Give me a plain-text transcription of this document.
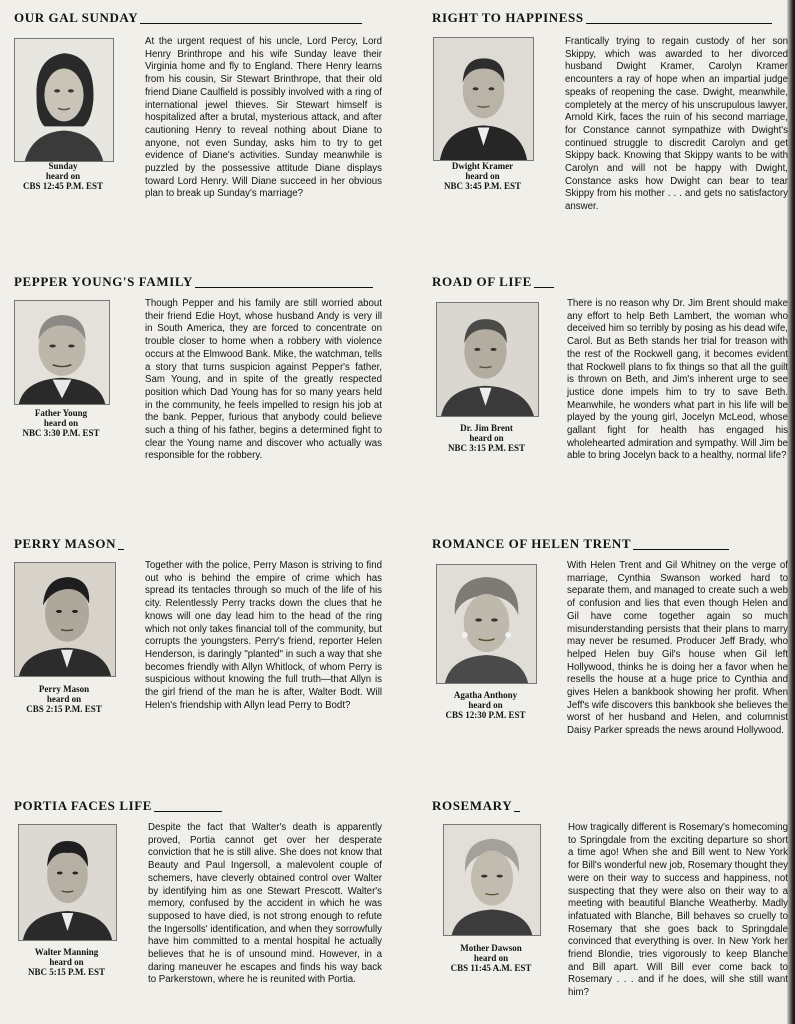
OUR GAL SUNDAY
Sunday
heard on
CBS 12:45 P.M. EST

At the urgent request of his uncle, Lord Percy, Lord Henry Brinthrope and his wife Sunday leave their Virginia home and fly to England. There Henry learns from his cousin, Sir Stewart Brinthrope, that their old friend Diane Caulfield is possibly involved with a ring of international jewel thieves. Sir Stewart himself is hospitalized after a brutal, mysterious attack, and after cautioning Henry to reveal nothing about Diane to anyone, not even Sunday, asks him to try to get evidence of Diane's activities. Sunday meanwhile is puzzled by the possessive attitude Diane displays toward Lord Henry. Will Diane succeed in her obvious plan to break up Sunday's marriage?

RIGHT TO HAPPINESS
Dwight Kramer
heard on
NBC 3:45 P.M. EST

Frantically trying to regain custody of her son Skippy, which was awarded to her divorced husband Dwight Kramer, Carolyn Kramer encounters a ray of hope when an impartial judge speaks of reopening the case. Dwight, meanwhile, completely at the mercy of his unscrupulous lawyer, Arnold Kirk, faces the ruin of his second marriage, for Constance cannot sympathize with Dwight's continued struggle to discredit Carolyn and get Skippy back. Knowing that Skippy wants to be with Carolyn and will not be happy with Dwight, Constance asks how Dwight can bear to tear Skippy from his mother . . . and gets no satisfactory answer.

PEPPER YOUNG'S FAMILY
Father Young
heard on
NBC 3:30 P.M. EST

Though Pepper and his family are still worried about their friend Edie Hoyt, whose husband Andy is very ill in South America, they are forced to concentrate on trouble closer to home when a robbery with violence occurs at the Elmwood Bank. Mike, the watchman, tells a story that turns suspicion against Pepper's father, Sam Young, and in spite of the greatly respected position which Dad Young has for so many years held in the community, he feels impelled to resign his job at the bank. Pepper, furious that anybody could believe such a thing of his father, begins a determined fight to clear the Young name and discover who actually was responsible for the robbery.

ROAD OF LIFE
Dr. Jim Brent
heard on
NBC 3:15 P.M. EST

There is no reason why Dr. Jim Brent should make any effort to help Beth Lambert, the woman who deceived him so terribly by posing as his dead wife, Carol. But as Beth stands her trial for treason with the rest of the Rockwell gang, it becomes evident that Rockwell plans to fix things so that all the guilt is thrown on Beth, and Jim's inherent urge to see justice done impels him to try to save Beth. Meanwhile, he wonders what part in his life will be played by the young girl, Jocelyn McLeod, whose gallant fight for health has engaged his wholehearted admiration and sympathy. Will Jim be able to bring Jocelyn back to a healthy, normal life?

PERRY MASON
Perry Mason
heard on
CBS 2:15 P.M. EST

Together with the police, Perry Mason is striving to find out who is behind the empire of crime which has spread its tentacles through so much of the life of his city. Relentlessly Perry tracks down the clues that he knows will one day lead him to the head of the ring which not only takes financial toll of the community, but corrupts the youngsters. Perry's friend, reporter Helen Henderson, is daringly "planted" in such a way that she becomes friendly with Allyn Whitlock, of whom Perry is suspicious without knowing the full truth—that Allyn is the girl friend of the man he is after, Walter Bodt. Will Helen's friendship with Allyn lead Perry to Bodt?

ROMANCE OF HELEN TRENT
Agatha Anthony
heard on
CBS 12:30 P.M. EST

With Helen Trent and Gil Whitney on the verge of marriage, Cynthia Swanson worked hard to separate them, and managed to create such a web of confusion and lies that even though Helen and Gil have come together again so much misunderstanding persists that their plans to marry may never be resumed. Producer Jeff Brady, who helped Helen buy Gil's house when Gil left Hollywood, thinks he is doing her a favor when he resells the house at a huge price to Cynthia and gives Helen a bankbook showing her profit. When Jeff's wife discovers this bankbook she believes the worst of her husband and Helen, and columnist Daisy Parker spreads the news around Hollywood.

PORTIA FACES LIFE
Walter Manning
heard on
NBC 5:15 P.M. EST

Despite the fact that Walter's death is apparently proved, Portia cannot get over her desperate conviction that he is still alive. She does not know that Beauty and Paul Ingersoll, a malevolent couple of schemers, have cleverly obtained control over Walter by identifying him as one Stewart Prescott. Walter's memory, confused by the accident in which he was supposed to have died, is not strong enough to refute the Ingersolls' identification, and when they sorrowfully have him committed to a mental hospital he actually believes that he is of unsound mind. However, in a daring maneuver he escapes and finds his way back to Parkerstown, where he is reunited with Portia.

ROSEMARY
Mother Dawson
heard on
CBS 11:45 A.M. EST

How tragically different is Rosemary's homecoming to Springdale from the exciting departure so short a time ago! When she and Bill went to New York for Bill's wonderful new job, Rosemary thought they were on their way to success and happiness, not suspecting that they were also on their way to a meeting with beautiful Blanche Weatherby. Madly infatuated with Blanche, Bill behaves so cruelly to Rosemary that she goes back to Springdale convinced that everything is over. In New York her friend Blondie, tries vigorously to keep Blanche and Bill apart. Will Bill ever come back to Rosemary . . . and if he does, will she still want him?
